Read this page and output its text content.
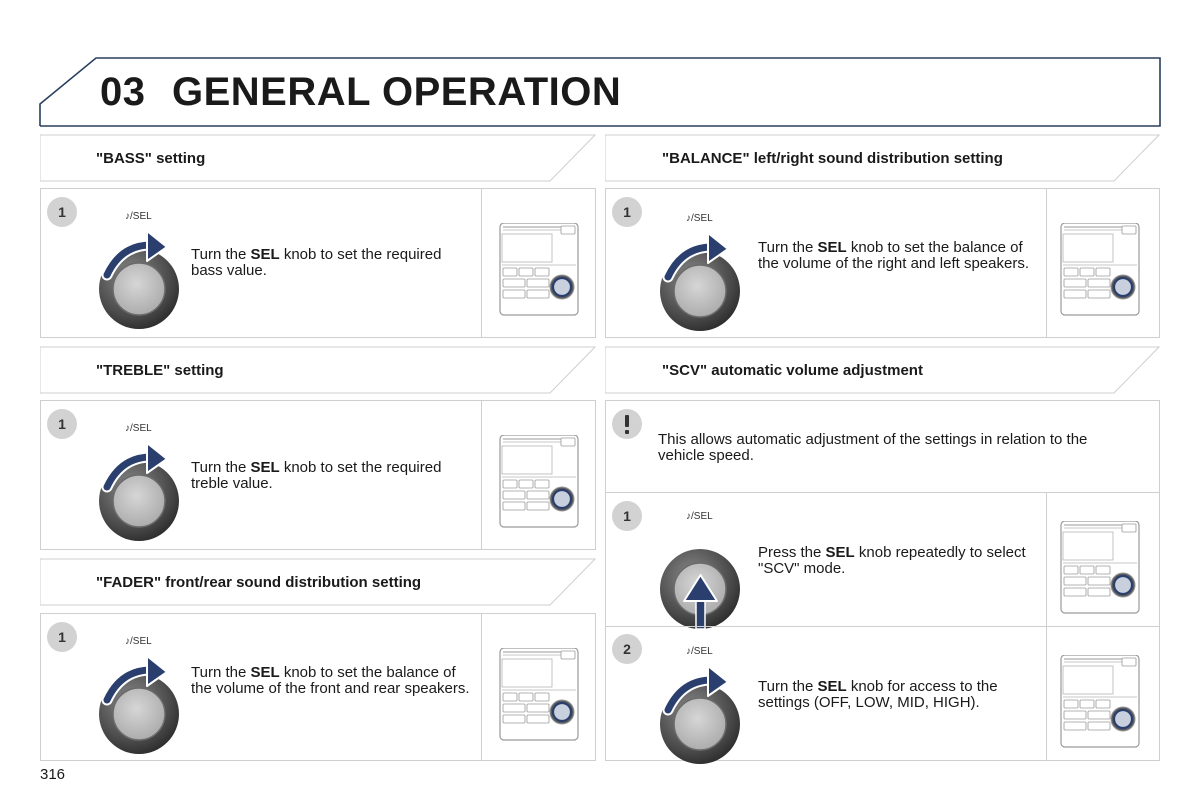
03 GENERAL OPERATION
"BASS" setting
1	♪/SEL
Turn the SEL knob to set the required bass value.
"TREBLE" setting
1	♪/SEL
Turn the SEL knob to set the required treble value.
"FADER" front/rear sound distribution setting
1	♪/SEL
Turn the SEL knob to set the balance of the volume of the front and rear speakers.
"BALANCE" left/right sound distribution setting
1	♪/SEL
Turn the SEL knob to set the balance of the volume of the right and left speakers.
"SCV" automatic volume adjustment
This allows automatic adjustment of the settings in relation to the vehicle speed.
1	♪/SEL
Press the SEL knob repeatedly to select "SCV" mode.
2	♪/SEL
Turn the SEL knob for access to the settings (OFF, LOW, MID, HIGH).
316
